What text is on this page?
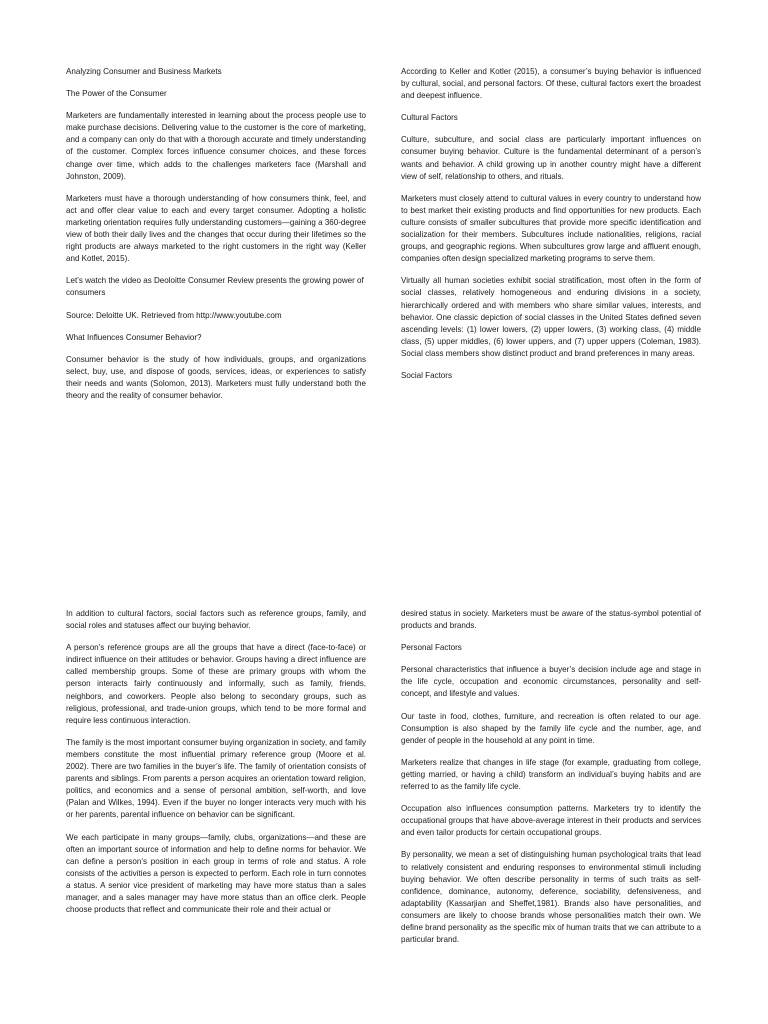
Analyzing Consumer and Business Markets

The Power of the Consumer

Marketers are fundamentally interested in learning about the process people use to make purchase decisions. Delivering value to the customer is the core of marketing, and a company can only do that with a thorough accurate and timely understanding of the customer. Complex forces influence consumer choices, and these forces change over time, which adds to the challenges marketers face (Marshall and Johnston, 2009).

Marketers must have a thorough understanding of how consumers think, feel, and act and offer clear value to each and every target consumer. Adopting a holistic marketing orientation requires fully understanding customers—gaining a 360-degree view of both their daily lives and the changes that occur during their lifetimes so the right products are always marketed to the right customers in the right way (Keller and Kotlet, 2015).

Let’s watch the video as Deoloitte Consumer Review presents the growing power of consumers

Source: Deloitte UK. Retrieved from http://www.youtube.com

What Influences Consumer Behavior?

Consumer behavior is the study of how individuals, groups, and organizations select, buy, use, and dispose of goods, services, ideas, or experiences to satisfy their needs and wants (Solomon, 2013). Marketers must fully understand both the theory and the reality of consumer behavior.

According to Keller and Kotler (2015), a consumer’s buying behavior is influenced by cultural, social, and personal factors. Of these, cultural factors exert the broadest and deepest influence.

Cultural Factors

Culture, subculture, and social class are particularly important influences on consumer buying behavior. Culture is the fundamental determinant of a person’s wants and behavior. A child growing up in another country might have a different view of self, relationship to others, and rituals.

Marketers must closely attend to cultural values in every country to understand how to best market their existing products and find opportunities for new products. Each culture consists of smaller subcultures that provide more specific identification and socialization for their members. Subcultures include nationalities, religions, racial groups, and geographic regions. When subcultures grow large and affluent enough, companies often design specialized marketing programs to serve them.

Virtually all human societies exhibit social stratification, most often in the form of social classes, relatively homogeneous and enduring divisions in a society, hierarchically ordered and with members who share similar values, interests, and behavior. One classic depiction of social classes in the United States defined seven ascending levels: (1) lower lowers, (2) upper lowers, (3) working class, (4) middle class, (5) upper middles, (6) lower uppers, and (7) upper uppers (Coleman, 1983). Social class members show distinct product and brand preferences in many areas.

Social Factors

In addition to cultural factors, social factors such as reference groups, family, and social roles and statuses affect our buying behavior.

A person’s reference groups are all the groups that have a direct (face-to-face) or indirect influence on their attitudes or behavior. Groups having a direct influence are called membership groups. Some of these are primary groups with whom the person interacts fairly continuously and informally, such as family, friends, neighbors, and coworkers. People also belong to secondary groups, such as religious, professional, and trade-union groups, which tend to be more formal and require less continuous interaction.

The family is the most important consumer buying organization in society, and family members constitute the most influential primary reference group (Moore et al. 2002). There are two families in the buyer’s life. The family of orientation consists of parents and siblings. From parents a person acquires an orientation toward religion, politics, and economics and a sense of personal ambition, self-worth, and love (Palan and Wilkes, 1994). Even if the buyer no longer interacts very much with his or her parents, parental influence on behavior can be significant.

We each participate in many groups—family, clubs, organizations—and these are often an important source of information and help to define norms for behavior. We can define a person’s position in each group in terms of role and status. A role consists of the activities a person is expected to perform. Each role in turn connotes a status. A senior vice president of marketing may have more status than a sales manager, and a sales manager may have more status than an office clerk. People choose products that reflect and communicate their role and their actual or

desired status in society. Marketers must be aware of the status-symbol potential of products and brands.

Personal Factors

Personal characteristics that influence a buyer’s decision include age and stage in the life cycle, occupation and economic circumstances, personality and self-concept, and lifestyle and values.

Our taste in food, clothes, furniture, and recreation is often related to our age. Consumption is also shaped by the family life cycle and the number, age, and gender of people in the household at any point in time.

Marketers realize that changes in life stage (for example, graduating from college, getting married, or having a child) transform an individual’s buying habits and are referred to as the family life cycle.

Occupation also influences consumption patterns. Marketers try to identify the occupational groups that have above-average interest in their products and services and even tailor products for certain occupational groups.

By personality, we mean a set of distinguishing human psychological traits that lead to relatively consistent and enduring responses to environmental stimuli including buying behavior. We often describe personality in terms of such traits as self-confidence, dominance, autonomy, deference, sociability, defensiveness, and adaptability (Kassarjian and Sheffet,1981). Brands also have personalities, and consumers are likely to choose brands whose personalities match their own. We define brand personality as the specific mix of human traits that we can attribute to a particular brand.
